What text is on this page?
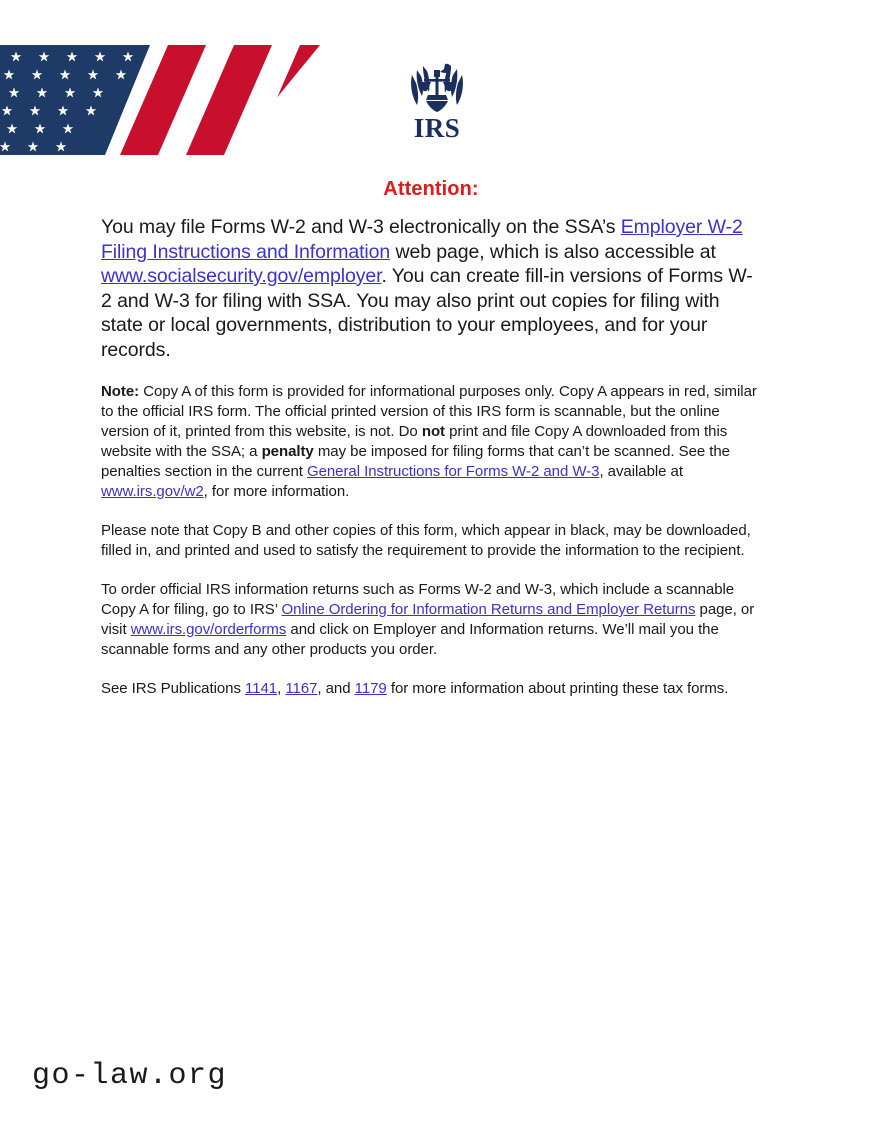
IRS
Attention:

You may file Forms W-2 and W-3 electronically on the SSA’s Employer W-2 Filing Instructions and Information web page, which is also accessible at www.socialsecurity.gov/employer. You can create fill-in versions of Forms W-2 and W-3 for filing with SSA. You may also print out copies for filing with state or local governments, distribution to your employees, and for your records.

Note: Copy A of this form is provided for informational purposes only. Copy A appears in red, similar to the official IRS form. The official printed version of this IRS form is scannable, but the online version of it, printed from this website, is not. Do not print and file Copy A downloaded from this website with the SSA; a penalty may be imposed for filing forms that can’t be scanned. See the penalties section in the current General Instructions for Forms W-2 and W-3, available at www.irs.gov/w2, for more information.

Please note that Copy B and other copies of this form, which appear in black, may be downloaded, filled in, and printed and used to satisfy the requirement to provide the information to the recipient.

To order official IRS information returns such as Forms W-2 and W-3, which include a scannable Copy A for filing, go to IRS’ Online Ordering for Information Returns and Employer Returns page, or visit www.irs.gov/orderforms and click on Employer and Information returns. We’ll mail you the scannable forms and any other products you order.

See IRS Publications 1141, 1167, and 1179 for more information about printing these tax forms.

go-law.org
